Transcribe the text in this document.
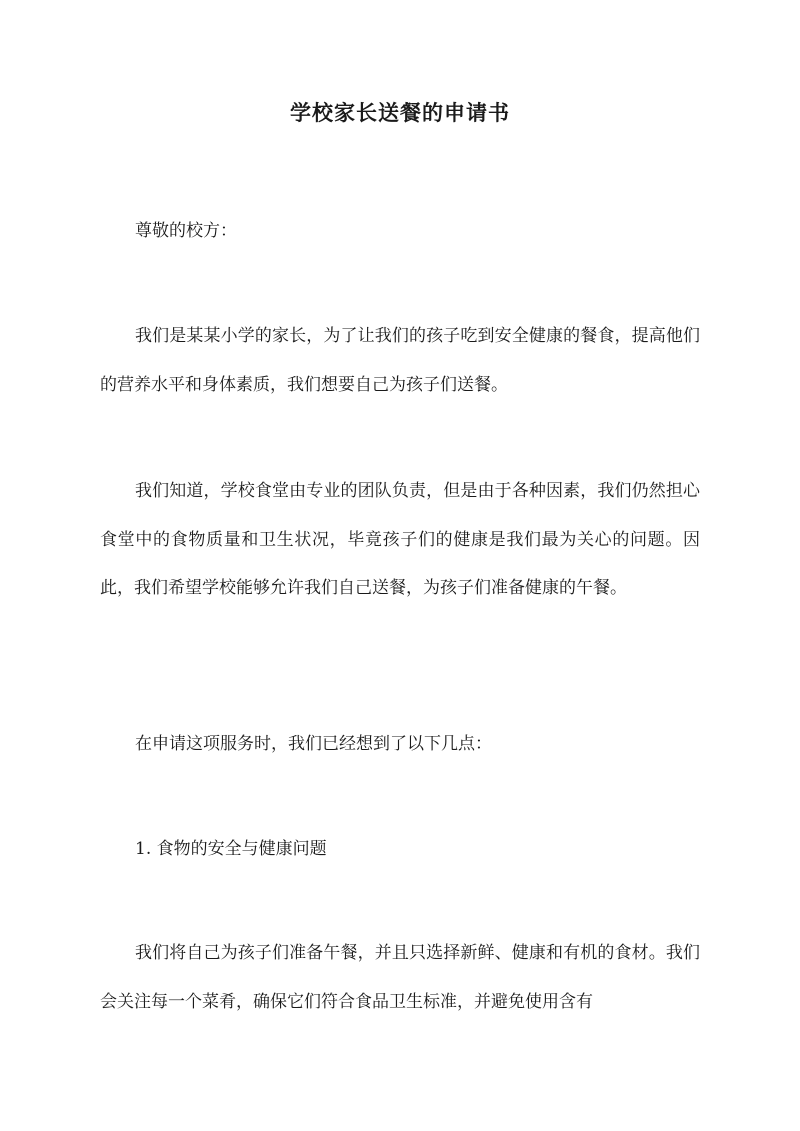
学校家长送餐的申请书

尊敬的校方：

我们是某某小学的家长，为了让我们的孩子吃到安全健康的餐食，提高他们的营养水平和身体素质，我们想要自己为孩子们送餐。

我们知道，学校食堂由专业的团队负责，但是由于各种因素，我们仍然担心食堂中的食物质量和卫生状况，毕竟孩子们的健康是我们最为关心的问题。因此，我们希望学校能够允许我们自己送餐，为孩子们准备健康的午餐。

在申请这项服务时，我们已经想到了以下几点：

1. 食物的安全与健康问题

我们将自己为孩子们准备午餐，并且只选择新鲜、健康和有机的食材。我们会关注每一个菜肴，确保它们符合食品卫生标准，并避免使用含有
